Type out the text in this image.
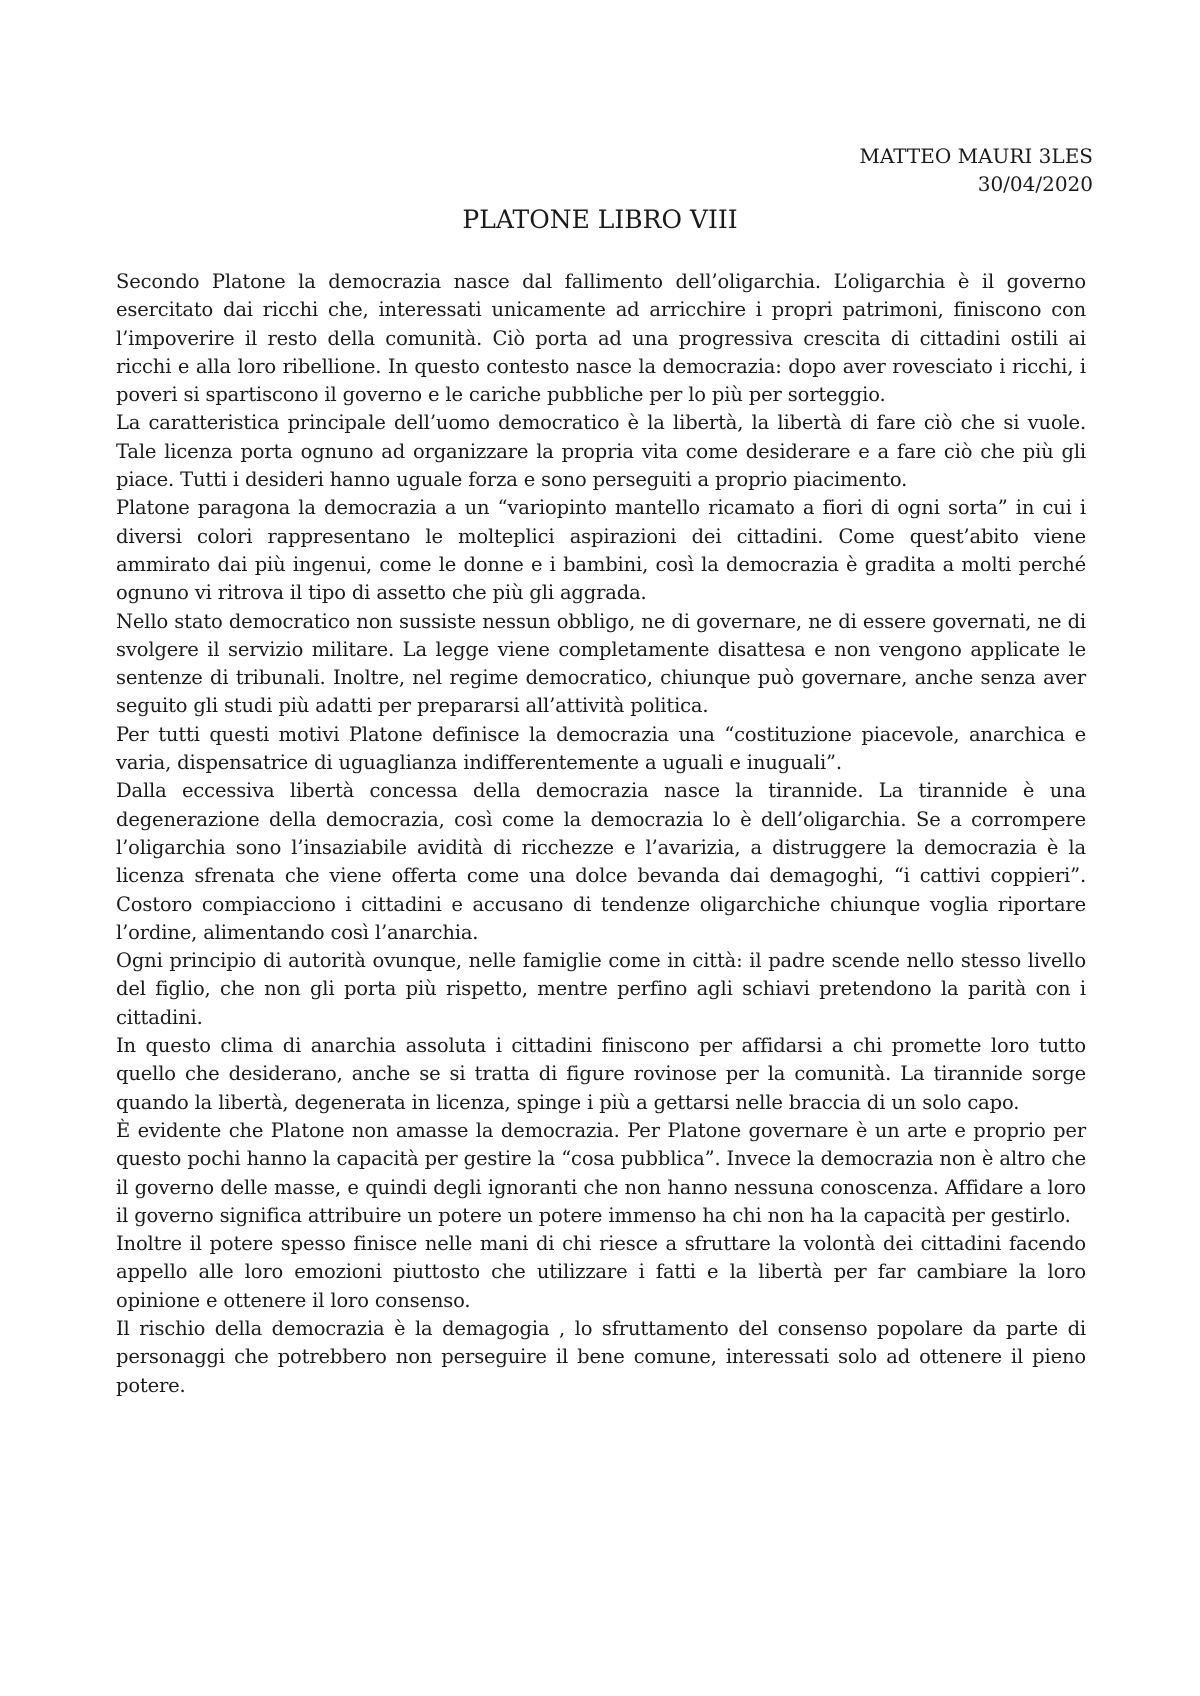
MATTEO MAURI 3LES
30/04/2020
PLATONE LIBRO VIII

Secondo Platone la democrazia nasce dal fallimento dell’oligarchia. L’oligarchia è il governo esercitato dai ricchi che, interessati unicamente ad arricchire i propri patrimoni, finiscono con l’impoverire il resto della comunità. Ciò porta ad una progressiva crescita di cittadini ostili ai ricchi e alla loro ribellione. In questo contesto nasce la democrazia: dopo aver rovesciato i ricchi, i poveri si spartiscono il governo e le cariche pubbliche per lo più per sorteggio.

La caratteristica principale dell’uomo democratico è la libertà, la libertà di fare ciò che si vuole. Tale licenza porta ognuno ad organizzare la propria vita come desiderare e a fare ciò che più gli piace. Tutti i desideri hanno uguale forza e sono perseguiti a proprio piacimento.

Platone paragona la democrazia a un “variopinto mantello ricamato a fiori di ogni sorta” in cui i diversi colori rappresentano le molteplici aspirazioni dei cittadini. Come quest’abito viene ammirato dai più ingenui, come le donne e i bambini, così la democrazia è gradita a molti perché ognuno vi ritrova il tipo di assetto che più gli aggrada.

Nello stato democratico non sussiste nessun obbligo, ne di governare, ne di essere governati, ne di svolgere il servizio militare. La legge viene completamente disattesa e non vengono applicate le sentenze di tribunali. Inoltre, nel regime democratico, chiunque può governare, anche senza aver seguito gli studi più adatti per prepararsi all’attività politica.

Per tutti questi motivi Platone definisce la democrazia una “costituzione piacevole, anarchica e varia, dispensatrice di uguaglianza indifferentemente a uguali e inuguali”.

Dalla eccessiva libertà concessa della democrazia nasce la tirannide. La tirannide è una degenerazione della democrazia, così come la democrazia lo è dell’oligarchia. Se a corrompere l’oligarchia sono l’insaziabile avidità di ricchezze e l’avarizia, a distruggere la democrazia è la licenza sfrenata che viene offerta come una dolce bevanda dai demagoghi, “i cattivi coppieri”. Costoro compiacciono i cittadini e accusano di tendenze oligarchiche chiunque voglia riportare l’ordine, alimentando così l’anarchia.

Ogni principio di autorità ovunque, nelle famiglie come in città: il padre scende nello stesso livello del figlio, che non gli porta più rispetto, mentre perfino agli schiavi pretendono la parità con i cittadini.

In questo clima di anarchia assoluta i cittadini finiscono per affidarsi a chi promette loro tutto quello che desiderano, anche se si tratta di figure rovinose per la comunità. La tirannide sorge quando la libertà, degenerata in licenza, spinge i più a gettarsi nelle braccia di un solo capo.

È evidente che Platone non amasse la democrazia. Per Platone governare è un arte e proprio per questo pochi hanno la capacità per gestire la “cosa pubblica”. Invece la democrazia non è altro che il governo delle masse, e quindi degli ignoranti che non hanno nessuna conoscenza. Affidare a loro il governo significa attribuire un potere un potere immenso ha chi non ha la capacità per gestirlo.

Inoltre il potere spesso finisce nelle mani di chi riesce a sfruttare la volontà dei cittadini facendo appello alle loro emozioni piuttosto che utilizzare i fatti e la libertà per far cambiare la loro opinione e ottenere il loro consenso.

Il rischio della democrazia è la demagogia , lo sfruttamento del consenso popolare da parte di personaggi che potrebbero non perseguire il bene comune, interessati solo ad ottenere il pieno potere.
